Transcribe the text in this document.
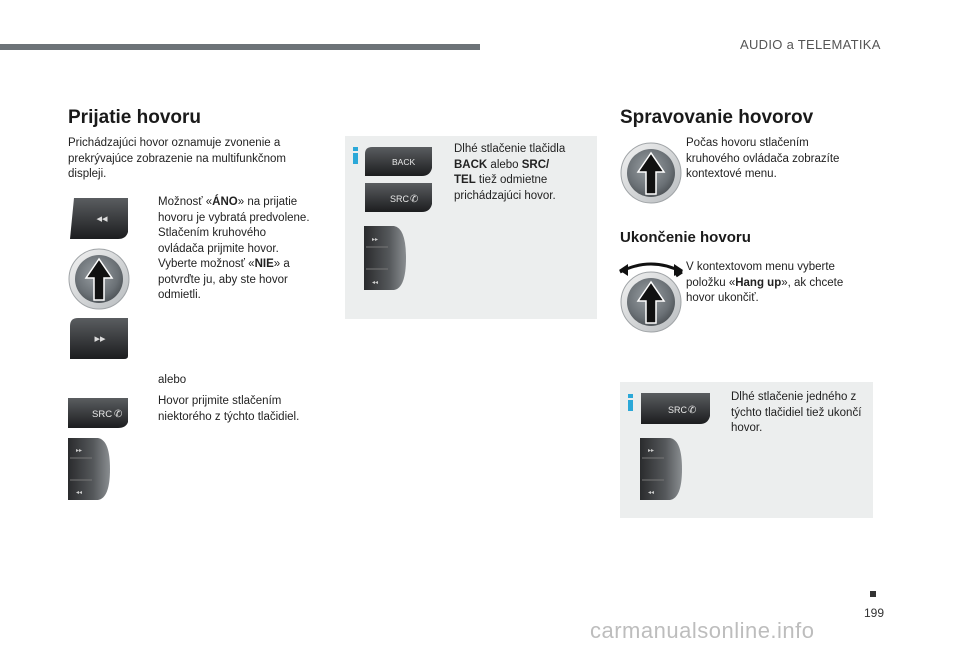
AUDIO a TELEMATIKA
Prijatie hovoru
Prichádzajúci hovor oznamuje zvonenie a prekrývajúce zobrazenie na multifunkčnom displeji.
◂◂
▸▸
Možnosť «ÁNO» na prijatie
hovoru je vybratá predvolene.
Stlačením kruhového
ovládača prijmite hovor.
Vyberte možnosť «NIE» a
potvrďte ju, aby ste hovor
odmietli.
alebo
SRC ✆
Hovor prijmite stlačením
niektorého z týchto tlačidiel.
▸▸
◂◂
BACK
SRC ✆
▸▸
◂◂
Dlhé stlačenie tlačidla
BACK alebo SRC/
TEL tiež odmietne
prichádzajúci hovor.
Spravovanie hovorov
Počas hovoru stlačením
kruhového ovládača zobrazíte
kontextové menu.
Ukončenie hovoru
V kontextovom menu vyberte
položku «Hang up», ak chcete
hovor ukončiť.
SRC ✆
▸▸
◂◂
Dlhé stlačenie jedného z
týchto tlačidiel tiež ukončí
hovor.
199
carmanualsonline.info
